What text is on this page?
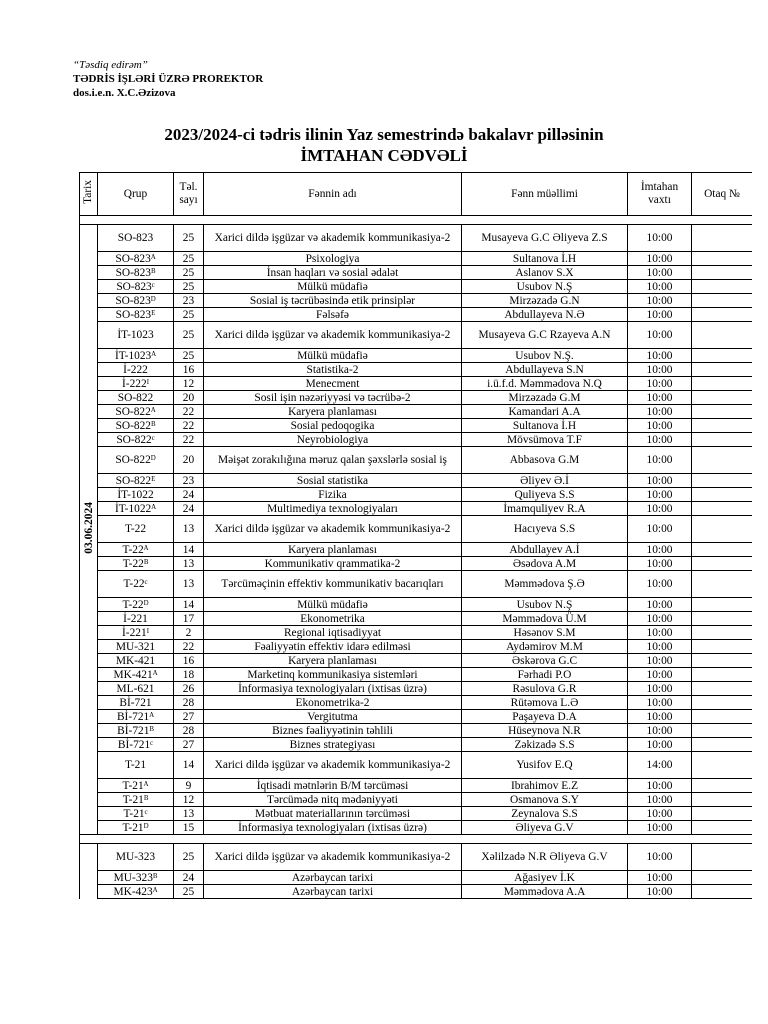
“Təsdiq edirəm”
TƏDRİS İŞLƏRİ ÜZRƏ PROREKTOR
dos.i.e.n. X.C.Əzizova
2023/2024-ci tədris ilinin Yaz semestrində bakalavr pilləsinin
İMTAHAN CƏDVƏLİ
Tarix	Qrup	Təl. sayı	Fənnin adı	Fənn müəllimi	İmtahan vaxtı	Otaq №

03.06.2024	SO-823	25	Xarici dildə işgüzar və akademik kommunikasiya-2	Musayeva G.C Əliyeva Z.S	10:00	
	SO-823ᴬ	25	Psixologiya	Sultanova İ.H	10:00	
	SO-823ᴮ	25	İnsan haqları və sosial ədalət	Aslanov S.X	10:00	
	SO-823ᶜ	25	Mülkü müdafiə	Usubov N.Ş	10:00	
	SO-823ᴰ	23	Sosial iş təcrübəsində etik prinsiplər	Mirzəzadə G.N	10:00	
	SO-823ᴱ	25	Fəlsəfə	Abdullayeva N.Ə	10:00	
	İT-1023	25	Xarici dildə işgüzar və akademik kommunikasiya-2	Musayeva G.C Rzayeva A.N	10:00	
	İT-1023ᴬ	25	Mülkü müdafiə	Usubov N.Ş.	10:00	
	İ-222	16	Statistika-2	Abdullayeva S.N	10:00	
	İ-222ᴵ	12	Menecment	i.ü.f.d. Məmmədova N.Q	10:00	
	SO-822	20	Sosil işin nəzəriyyəsi və təcrübə-2	Mirzəzadə G.M	10:00	
	SO-822ᴬ	22	Karyera planlaması	Kamandari A.A	10:00	
	SO-822ᴮ	22	Sosial pedoqogika	Sultanova İ.H	10:00	
	SO-822ᶜ	22	Neyrobiologiya	Mövsümova T.F	10:00	
	SO-822ᴰ	20	Məişət zorakılığına məruz qalan şəxslərlə sosial iş	Abbasova G.M	10:00	
	SO-822ᴱ	23	Sosial statistika	Əliyev Ə.İ	10:00	
	İT-1022	24	Fizika	Quliyeva S.S	10:00	
	İT-1022ᴬ	24	Multimediya texnologiyaları	İmamquliyev R.A	10:00	
	T-22	13	Xarici dildə işgüzar və akademik kommunikasiya-2	Hacıyeva S.S	10:00	
	T-22ᴬ	14	Karyera planlaması	Abdullayev A.İ	10:00	
	T-22ᴮ	13	Kommunikativ qrammatika-2	Əsədova A.M	10:00	
	T-22ᶜ	13	Tərcüməçinin effektiv kommunikativ bacarıqları	Məmmədova Ş.Ə	10:00	
	T-22ᴰ	14	Mülkü müdafiə	Usubov N.Ş	10:00	
	İ-221	17	Ekonometrika	Məmmədova Ü.M	10:00	
	İ-221ᴵ	2	Regional iqtisadiyyat	Həsənov S.M	10:00	
	MU-321	22	Fəaliyyətin effektiv idarə edilməsi	Aydəmirov M.M	10:00	
	MK-421	16	Karyera planlaması	Əskərova G.C	10:00	
	MK-421ᴬ	18	Marketinq kommunikasiya sistemləri	Fərhadi P.O	10:00	
	ML-621	26	İnformasiya texnologiyaları (ixtisas üzrə)	Rəsulova G.R	10:00	
	Bİ-721	28	Ekonometrika-2	Rütəmova L.Ə	10:00	
	Bİ-721ᴬ	27	Vergitutma	Paşayeva D.A	10:00	
	Bİ-721ᴮ	28	Biznes fəaliyyətinin təhlili	Hüseynova N.R	10:00	
	Bİ-721ᶜ	27	Biznes strategiyası	Zəkizadə S.S	10:00	
	T-21	14	Xarici dildə işgüzar və akademik kommunikasiya-2	Yusifov E.Q	14:00	
	T-21ᴬ	9	İqtisadi mətnlərin B/M tərcüməsi	Ibrahimov E.Z	10:00	
	T-21ᴮ	12	Tərcümədə nitq mədəniyyəti	Osmanova S.Y	10:00	
	T-21ᶜ	13	Mətbuat materiallarının tərcüməsi	Zeynalova S.S	10:00	
	T-21ᴰ	15	İnformasiya texnologiyaları (ixtisas üzrə)	Əliyeva G.V	10:00	

	MU-323	25	Xarici dildə işgüzar və akademik kommunikasiya-2	Xəlilzadə N.R Əliyeva G.V	10:00	
	MU-323ᴮ	24	Azərbaycan tarixi	Ağasiyev İ.K	10:00	
	MK-423ᴬ	25	Azərbaycan tarixi	Məmmədova A.A	10:00	
